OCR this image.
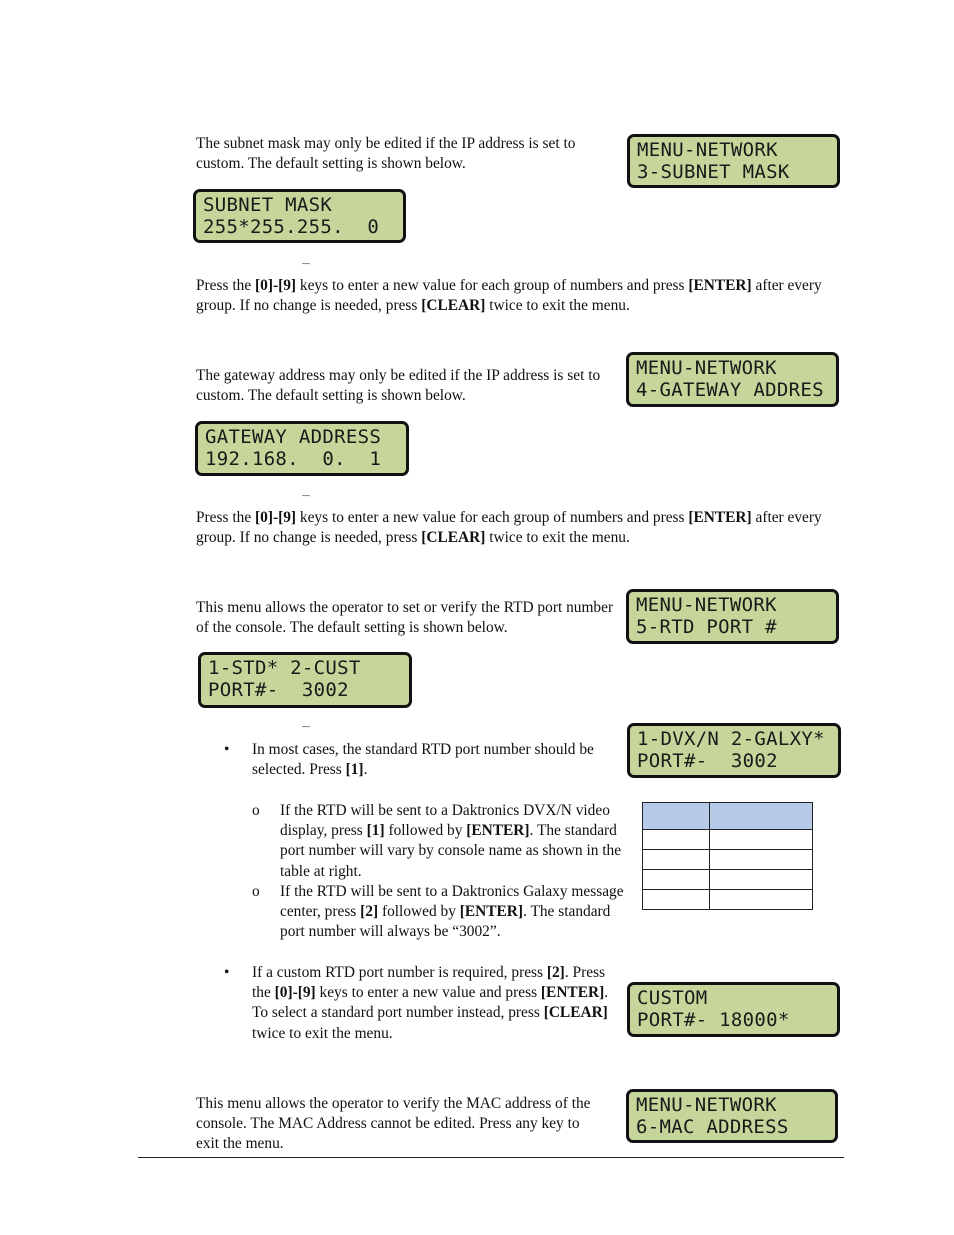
The subnet mask may only be edited if the IP address is set to custom. The default setting is shown below.
MENU-NETWORK
3-SUBNET MASK
SUBNET MASK
255*255.255.  0
_
Press the [0]-[9] keys to enter a new value for each group of numbers and press [ENTER] after every group. If no change is needed, press [CLEAR] twice to exit the menu.
The gateway address may only be edited if the IP address is set to custom. The default setting is shown below.
MENU-NETWORK
4-GATEWAY ADDRES
GATEWAY ADDRESS
192.168.  0.  1
_
Press the [0]-[9] keys to enter a new value for each group of numbers and press [ENTER] after every group. If no change is needed, press [CLEAR] twice to exit the menu.
This menu allows the operator to set or verify the RTD port number of the console. The default setting is shown below.
MENU-NETWORK
5-RTD PORT #
1-STD* 2-CUST
PORT#-  3002
_
1-DVX/N 2-GALXY*
PORT#-  3002
• In most cases, the standard RTD port number should be selected. Press [1].
o If the RTD will be sent to a Daktronics DVX/N video display, press [1] followed by [ENTER]. The standard port number will vary by console name as shown in the table at right.
o If the RTD will be sent to a Daktronics Galaxy message center, press [2] followed by [ENTER]. The standard port number will always be “3002”.

• If a custom RTD port number is required, press [2]. Press the [0]-[9] keys to enter a new value and press [ENTER]. To select a standard port number instead, press [CLEAR] twice to exit the menu.
CUSTOM
PORT#- 18000*
This menu allows the operator to verify the MAC address of the console. The MAC Address cannot be edited. Press any key to exit the menu.
MENU-NETWORK
6-MAC ADDRESS
